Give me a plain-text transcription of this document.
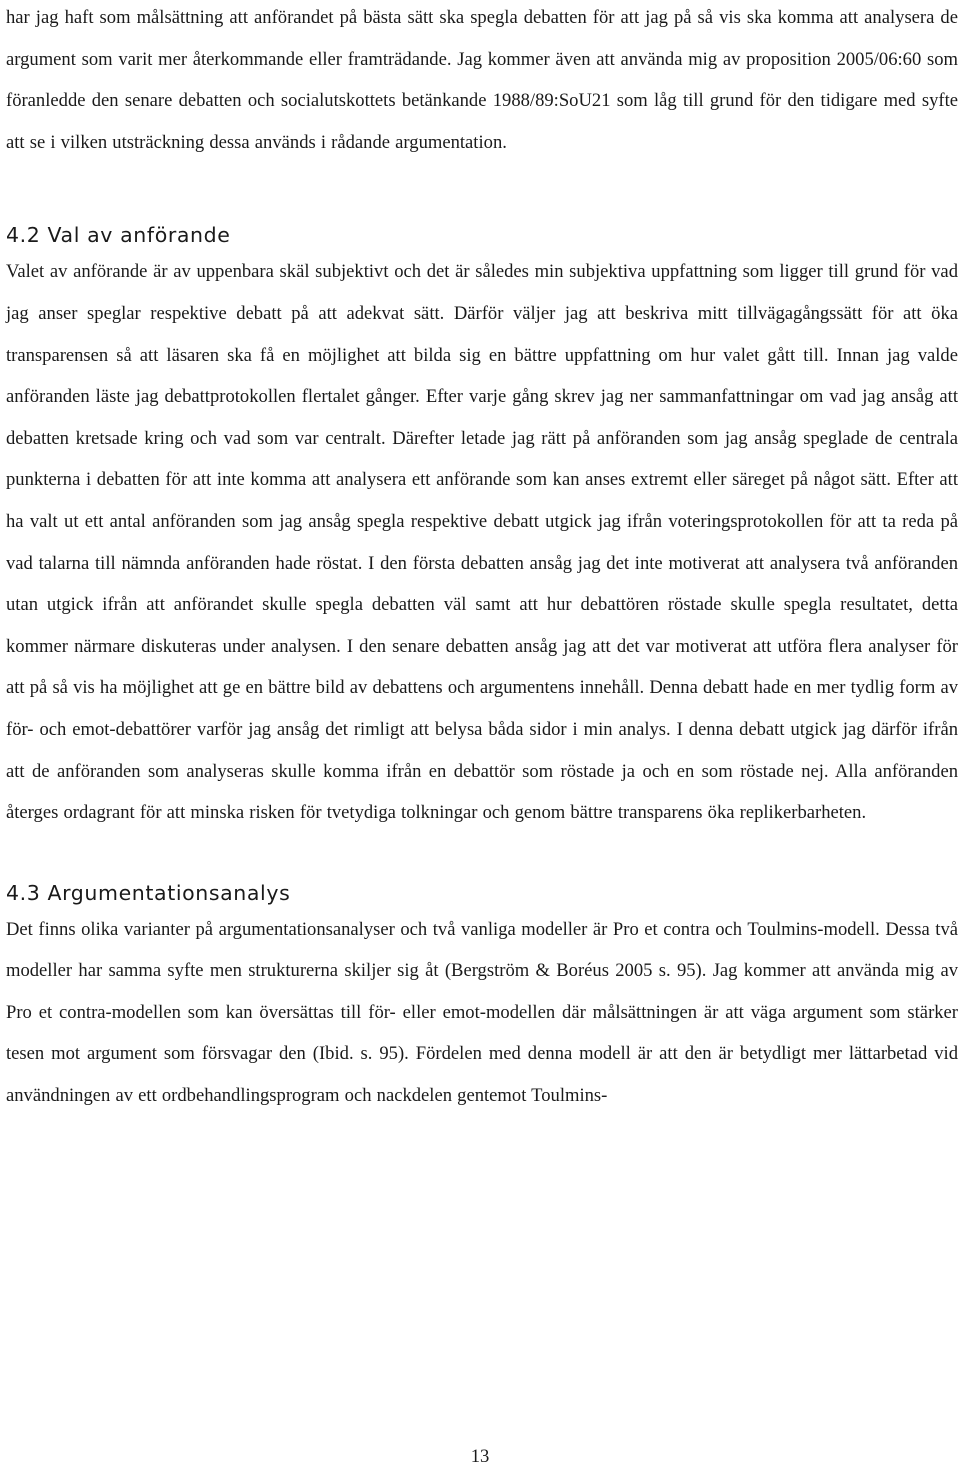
har jag haft som målsättning att anförandet på bästa sätt ska spegla debatten för att jag på så vis ska komma att analysera de argument som varit mer återkommande eller framträdande. Jag kommer även att använda mig av proposition 2005/06:60 som föranledde den senare debatten och socialutskottets betänkande 1988/89:SoU21 som låg till grund för den tidigare med syfte att se i vilken utsträckning dessa används i rådande argumentation.

4.2 Val av anförande

Valet av anförande är av uppenbara skäl subjektivt och det är således min subjektiva uppfattning som ligger till grund för vad jag anser speglar respektive debatt på att adekvat sätt. Därför väljer jag att beskriva mitt tillvägagångssätt för att öka transparensen så att läsaren ska få en möjlighet att bilda sig en bättre uppfattning om hur valet gått till. Innan jag valde anföranden läste jag debattprotokollen flertalet gånger. Efter varje gång skrev jag ner sammanfattningar om vad jag ansåg att debatten kretsade kring och vad som var centralt. Därefter letade jag rätt på anföranden som jag ansåg speglade de centrala punkterna i debatten för att inte komma att analysera ett anförande som kan anses extremt eller säreget på något sätt. Efter att ha valt ut ett antal anföranden som jag ansåg spegla respektive debatt utgick jag ifrån voteringsprotokollen för att ta reda på vad talarna till nämnda anföranden hade röstat. I den första debatten ansåg jag det inte motiverat att analysera två anföranden utan utgick ifrån att anförandet skulle spegla debatten väl samt att hur debattören röstade skulle spegla resultatet, detta kommer närmare diskuteras under analysen. I den senare debatten ansåg jag att det var motiverat att utföra flera analyser för att på så vis ha möjlighet att ge en bättre bild av debattens och argumentens innehåll. Denna debatt hade en mer tydlig form av för- och emot-debattörer varför jag ansåg det rimligt att belysa båda sidor i min analys. I denna debatt utgick jag därför ifrån att de anföranden som analyseras skulle komma ifrån en debattör som röstade ja och en som röstade nej. Alla anföranden återges ordagrant för att minska risken för tvetydiga tolkningar och genom bättre transparens öka replikerbarheten.

4.3 Argumentationsanalys

Det finns olika varianter på argumentationsanalyser och två vanliga modeller är Pro et contra och Toulmins-modell. Dessa två modeller har samma syfte men strukturerna skiljer sig åt (Bergström & Boréus 2005 s. 95). Jag kommer att använda mig av Pro et contra-modellen som kan översättas till för- eller emot-modellen där målsättningen är att väga argument som stärker tesen mot argument som försvagar den (Ibid. s. 95). Fördelen med denna modell är att den är betydligt mer lättarbetad vid användningen av ett ordbehandlingsprogram och nackdelen gentemot Toulmins-

13
